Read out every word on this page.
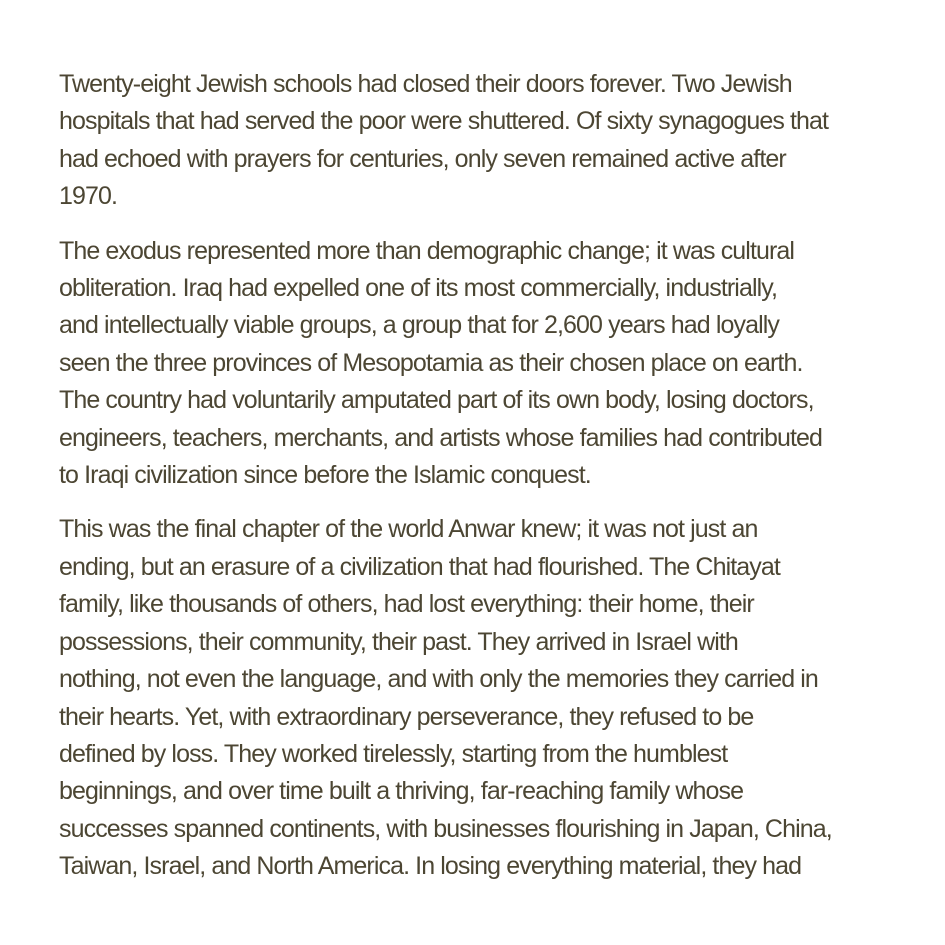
Twenty-eight Jewish schools had closed their doors forever. Two Jewish
hospitals that had served the poor were shuttered. Of sixty synagogues that
had echoed with prayers for centuries, only seven remained active after
1970.

The exodus represented more than demographic change; it was cultural
obliteration. Iraq had expelled one of its most commercially, industrially,
and intellectually viable groups, a group that for 2,600 years had loyally
seen the three provinces of Mesopotamia as their chosen place on earth.
The country had voluntarily amputated part of its own body, losing doctors,
engineers, teachers, merchants, and artists whose families had contributed
to Iraqi civilization since before the Islamic conquest.

This was the final chapter of the world Anwar knew; it was not just an
ending, but an erasure of a civilization that had flourished. The Chitayat
family, like thousands of others, had lost everything: their home, their
possessions, their community, their past. They arrived in Israel with
nothing, not even the language, and with only the memories they carried in
their hearts. Yet, with extraordinary perseverance, they refused to be
defined by loss. They worked tirelessly, starting from the humblest
beginnings, and over time built a thriving, far-reaching family whose
successes spanned continents, with businesses flourishing in Japan, China,
Taiwan, Israel, and North America. In losing everything material, they had
